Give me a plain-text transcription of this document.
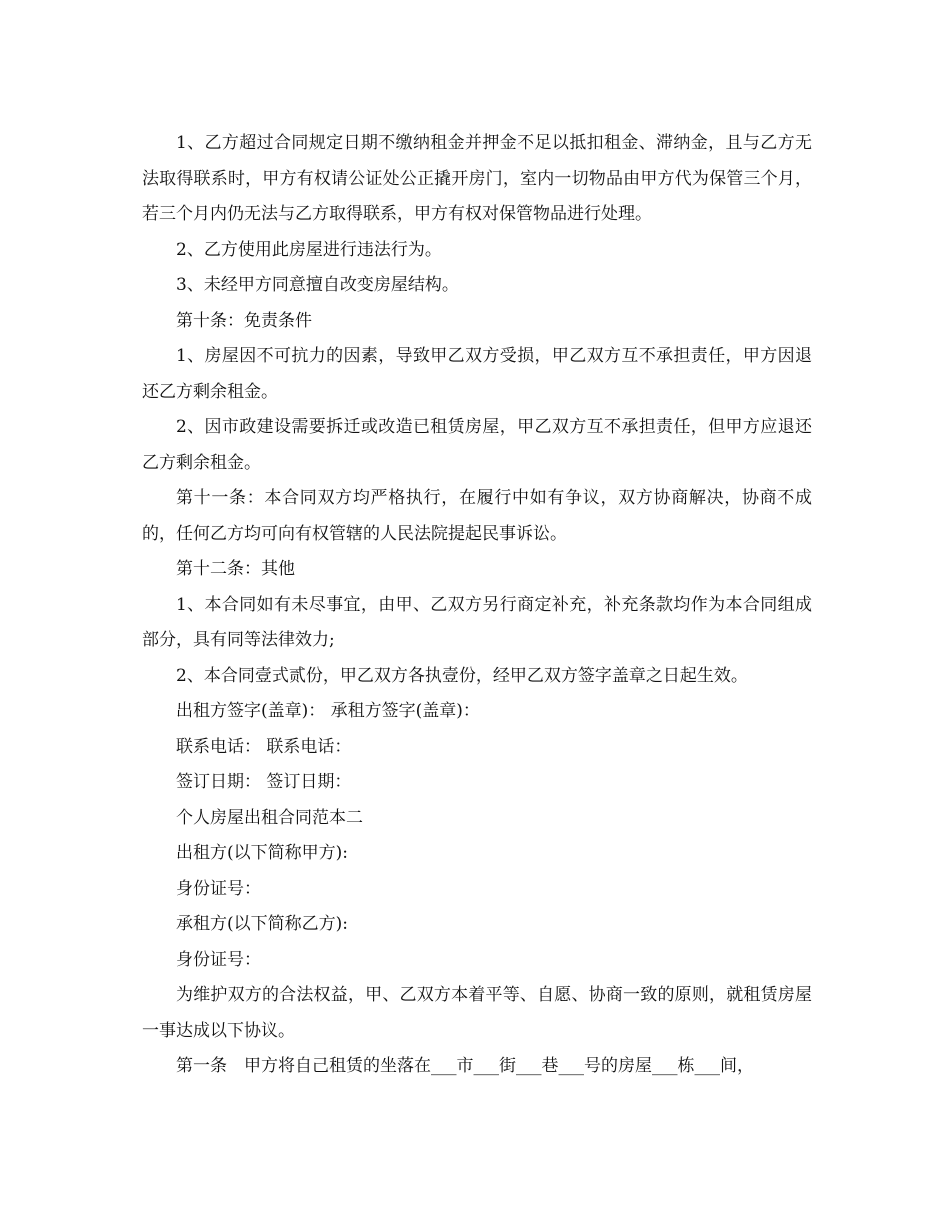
1、乙方超过合同规定日期不缴纳租金并押金不足以抵扣租金、滞纳金，且与乙方无法取得联系时，甲方有权请公证处公正撬开房门，室内一切物品由甲方代为保管三个月，若三个月内仍无法与乙方取得联系，甲方有权对保管物品进行处理。

2、乙方使用此房屋进行违法行为。

3、未经甲方同意擅自改变房屋结构。

第十条：免责条件

1、房屋因不可抗力的因素，导致甲乙双方受损，甲乙双方互不承担责任，甲方因退还乙方剩余租金。

2、因市政建设需要拆迁或改造已租赁房屋，甲乙双方互不承担责任，但甲方应退还乙方剩余租金。

第十一条：本合同双方均严格执行，在履行中如有争议，双方协商解决，协商不成的，任何乙方均可向有权管辖的人民法院提起民事诉讼。

第十二条：其他

1、本合同如有未尽事宜，由甲、乙双方另行商定补充，补充条款均作为本合同组成部分，具有同等法律效力;

2、本合同壹式贰份，甲乙双方各执壹份，经甲乙双方签字盖章之日起生效。

出租方签字(盖章)： 承租方签字(盖章)：

联系电话： 联系电话：

签订日期： 签订日期：

个人房屋出租合同范本二

出租方(以下简称甲方):

身份证号：

承租方(以下简称乙方):

身份证号：

为维护双方的合法权益，甲、乙双方本着平等、自愿、协商一致的原则，就租赁房屋一事达成以下协议。

第一条　甲方将自己租赁的坐落在___市___街___巷___号的房屋___栋___间，
